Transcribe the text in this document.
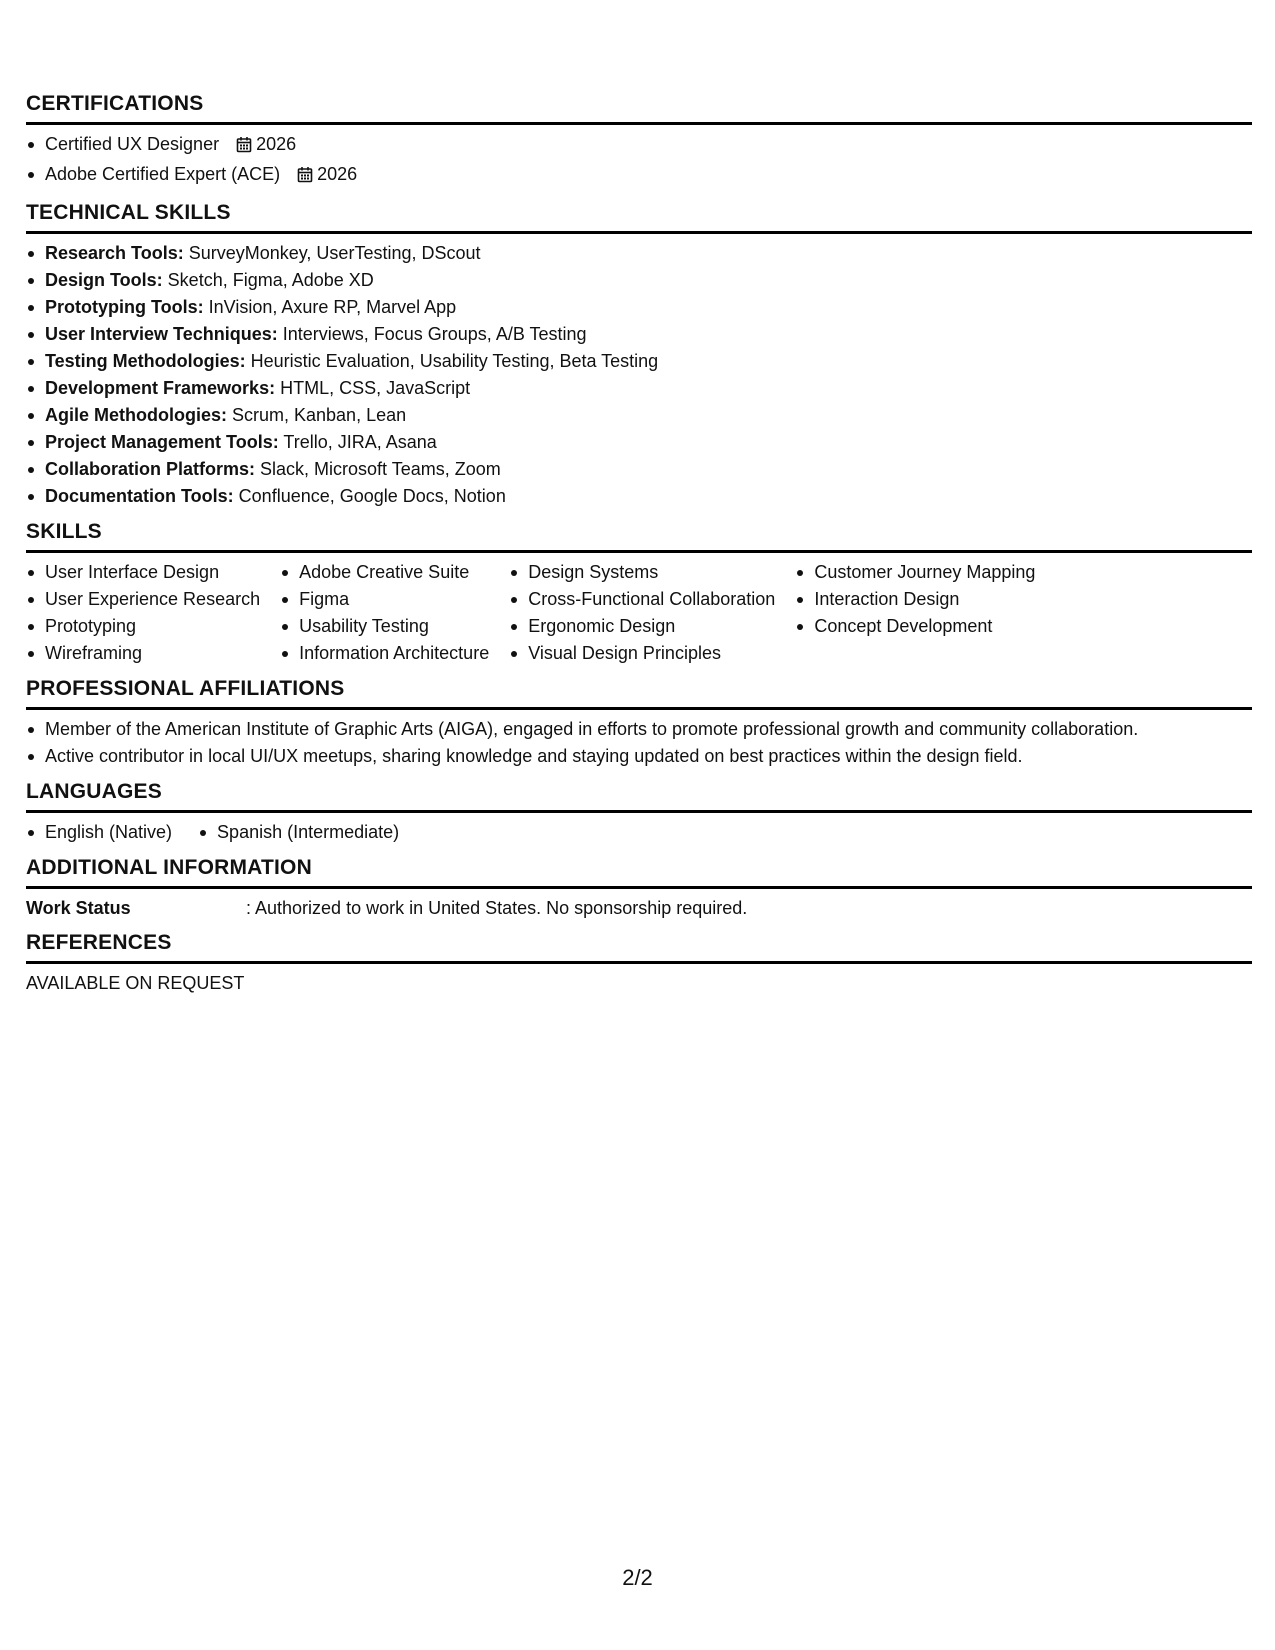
CERTIFICATIONS
Certified UX Designer 2026
Adobe Certified Expert (ACE) 2026
TECHNICAL SKILLS
Research Tools: SurveyMonkey, UserTesting, DScout
Design Tools: Sketch, Figma, Adobe XD
Prototyping Tools: InVision, Axure RP, Marvel App
User Interview Techniques: Interviews, Focus Groups, A/B Testing
Testing Methodologies: Heuristic Evaluation, Usability Testing, Beta Testing
Development Frameworks: HTML, CSS, JavaScript
Agile Methodologies: Scrum, Kanban, Lean
Project Management Tools: Trello, JIRA, Asana
Collaboration Platforms: Slack, Microsoft Teams, Zoom
Documentation Tools: Confluence, Google Docs, Notion
SKILLS
User Interface Design
User Experience Research
Prototyping
Wireframing
Adobe Creative Suite
Figma
Usability Testing
Information Architecture
Design Systems
Cross-Functional Collaboration
Ergonomic Design
Visual Design Principles
Customer Journey Mapping
Interaction Design
Concept Development
PROFESSIONAL AFFILIATIONS
Member of the American Institute of Graphic Arts (AIGA), engaged in efforts to promote professional growth and community collaboration.
Active contributor in local UI/UX meetups, sharing knowledge and staying updated on best practices within the design field.
LANGUAGES
English (Native)	Spanish (Intermediate)
ADDITIONAL INFORMATION
Work Status	: Authorized to work in United States. No sponsorship required.
REFERENCES
AVAILABLE ON REQUEST
2/2
